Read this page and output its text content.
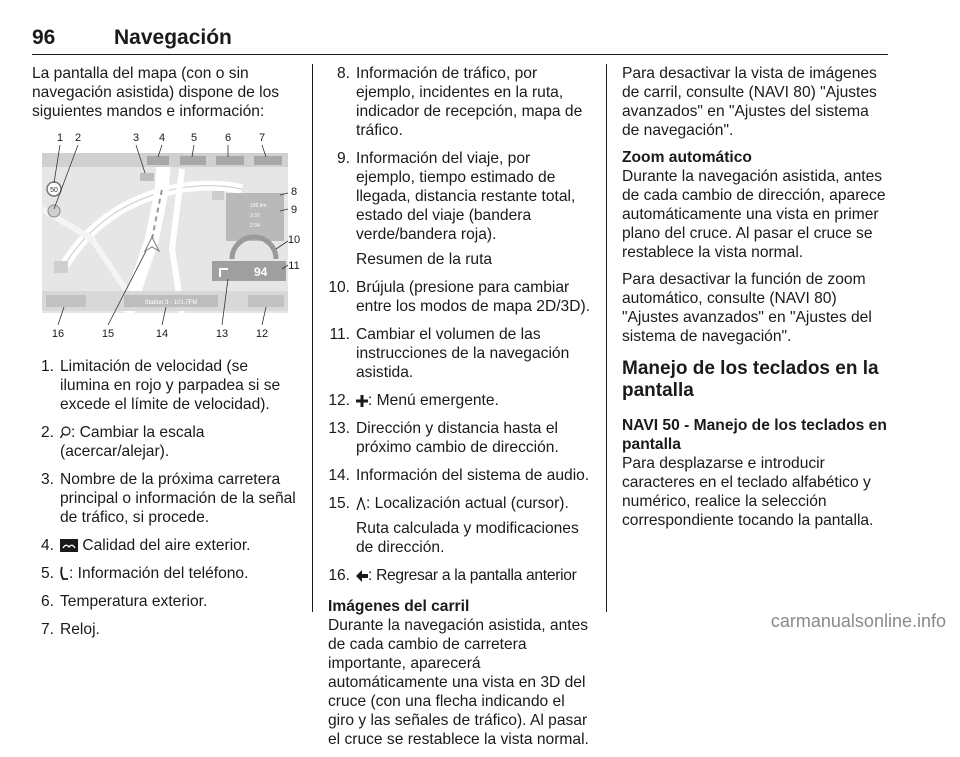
96	Navegación

La pantalla del mapa (con o sin navegación asistida) dispone de los siguientes mandos e información:

50
199 km
3:37
2:34
94
Station 3 - 101.7FM
1 2	3 4 5	6	7
8
9
10
11
12
13
14
15
16
1. Limitación de velocidad (se ilumina en rojo y parpadea si se excede el límite de velocidad).
2.	: Cambiar la escala (acercar/alejar).
3. Nombre de la próxima carretera principal o información de la señal de tráfico, si procede.
4.	Calidad del aire exterior.
5. : Información del teléfono.
6. Temperatura exterior.
7. Reloj.
8. Información de tráfico, por ejemplo, incidentes en la ruta, indicador de recepción, mapa de tráfico.
9. Información del viaje, por ejemplo, tiempo estimado de llegada, distancia restante total, estado del viaje (bandera verde/bandera roja).
Resumen de la ruta
10. Brújula (presione para cambiar entre los modos de mapa 2D/3D).
11. Cambiar el volumen de las instrucciones de la navegación asistida.
12.	: Menú emergente.
13. Dirección y distancia hasta el próximo cambio de dirección.
14. Información del sistema de audio.
15.	: Localización actual (cursor).
Ruta calculada y modificaciones de dirección.
16.	: Regresar a la pantalla anterior
Imágenes del carril

Durante la navegación asistida, antes de cada cambio de carretera importante, aparecerá automáticamente una vista en 3D del cruce (con una flecha indicando el giro y las señales de tráfico). Al pasar el cruce se restablece la vista normal.

Para desactivar la vista de imágenes de carril, consulte (NAVI 80) "Ajustes avanzados" en "Ajustes del sistema de navegación".

Zoom automático

Durante la navegación asistida, antes de cada cambio de dirección, aparece automáticamente una vista en primer plano del cruce. Al pasar el cruce se restablece la vista normal.

Para desactivar la función de zoom automático, consulte (NAVI 80) "Ajustes avanzados" en "Ajustes del sistema de navegación".

Manejo de los teclados en la pantalla
NAVI 50 - Manejo de los teclados en pantalla

Para desplazarse e introducir caracteres en el teclado alfabético y numérico, realice la selección correspondiente tocando la pantalla.

carmanualsonline.info
